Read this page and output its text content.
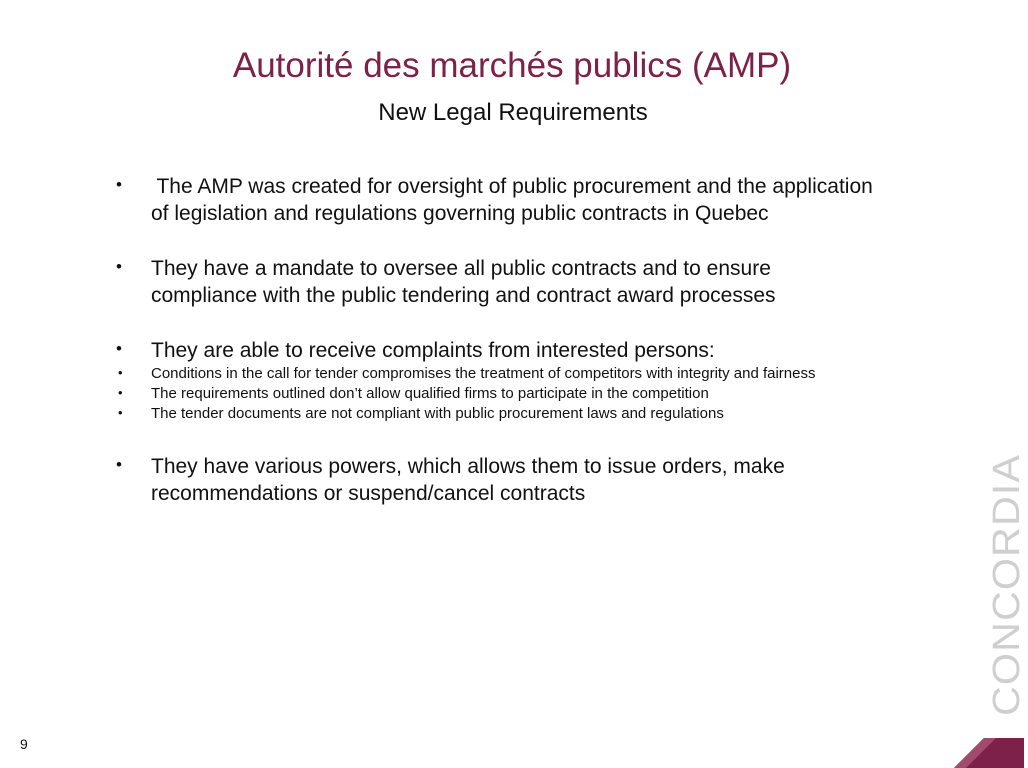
Autorité des marchés publics (AMP)
New Legal Requirements
• The AMP was created for oversight of public procurement and the application
of legislation and regulations governing public contracts in Quebec
• They have a mandate to oversee all public contracts and to ensure
compliance with the public tendering and contract award processes
• They are able to receive complaints from interested persons:
• Conditions in the call for tender compromises the treatment of competitors with integrity and fairness
• The requirements outlined don’t allow qualified firms to participate in the competition
• The tender documents are not compliant with public procurement laws and regulations
• They have various powers, which allows them to issue orders, make
recommendations or suspend/cancel contracts	CONCORDIA
9
